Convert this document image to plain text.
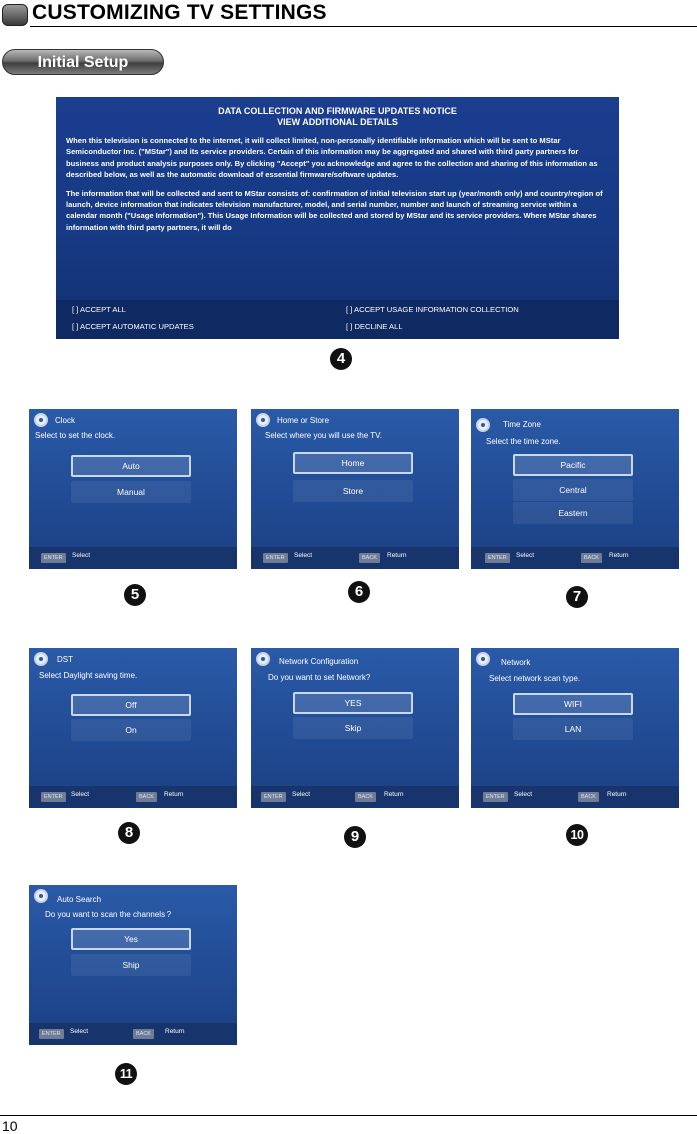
CUSTOMIZING TV SETTINGS
Initial Setup
DATA COLLECTION AND FIRMWARE UPDATES NOTICE
VIEW ADDITIONAL DETAILS

When this television is connected to the internet, it will collect limited, non-personally identifiable information which will be sent to MStar Semiconductor Inc. ("MStar") and its service providers. Certain of this information may be aggregated and shared with third party partners for business and product analysis purposes only. By clicking "Accept" you acknowledge and agree to the collection and sharing of this information as described below, as well as the automatic download of essential firmware/software updates.

The information that will be collected and sent to MStar consists of: confirmation of initial television start up (year/month only) and country/region of launch, device information that indicates television manufacturer, model, and serial number, number and launch of streaming service within a calendar month ("Usage Information"). This Usage Information will be collected and stored by MStar and its service providers. Where MStar shares information with third party partners, it will do

[ ] ACCEPT ALL	[ ] ACCEPT USAGE INFORMATION COLLECTION
[ ] ACCEPT AUTOMATIC UPDATES	[ ] DECLINE ALL
4
Clock
Select to set the clock.
Auto
Manual
ENTER	Select
5
Home or Store
Select where you will use the TV.
Home
Store
ENTER	Select	BACK	Return
6
Time Zone
Select the time zone.
Pacific
Central
Eastern
ENTER	Select	BACK	Return
7
DST
Select Daylight saving time.
Off
On
ENTER	Select	BACK	Return
8
Network Configuration
Do you want to set Network?
YES
Skip
ENTER	Select	BACK	Return
9
Network
Select network scan type.
WIFI
LAN
ENTER	Select	BACK	Return
10
Auto Search
Do you want to scan the channels ?
Yes
Ship
ENTER	Select	BACK	Return
11
10
